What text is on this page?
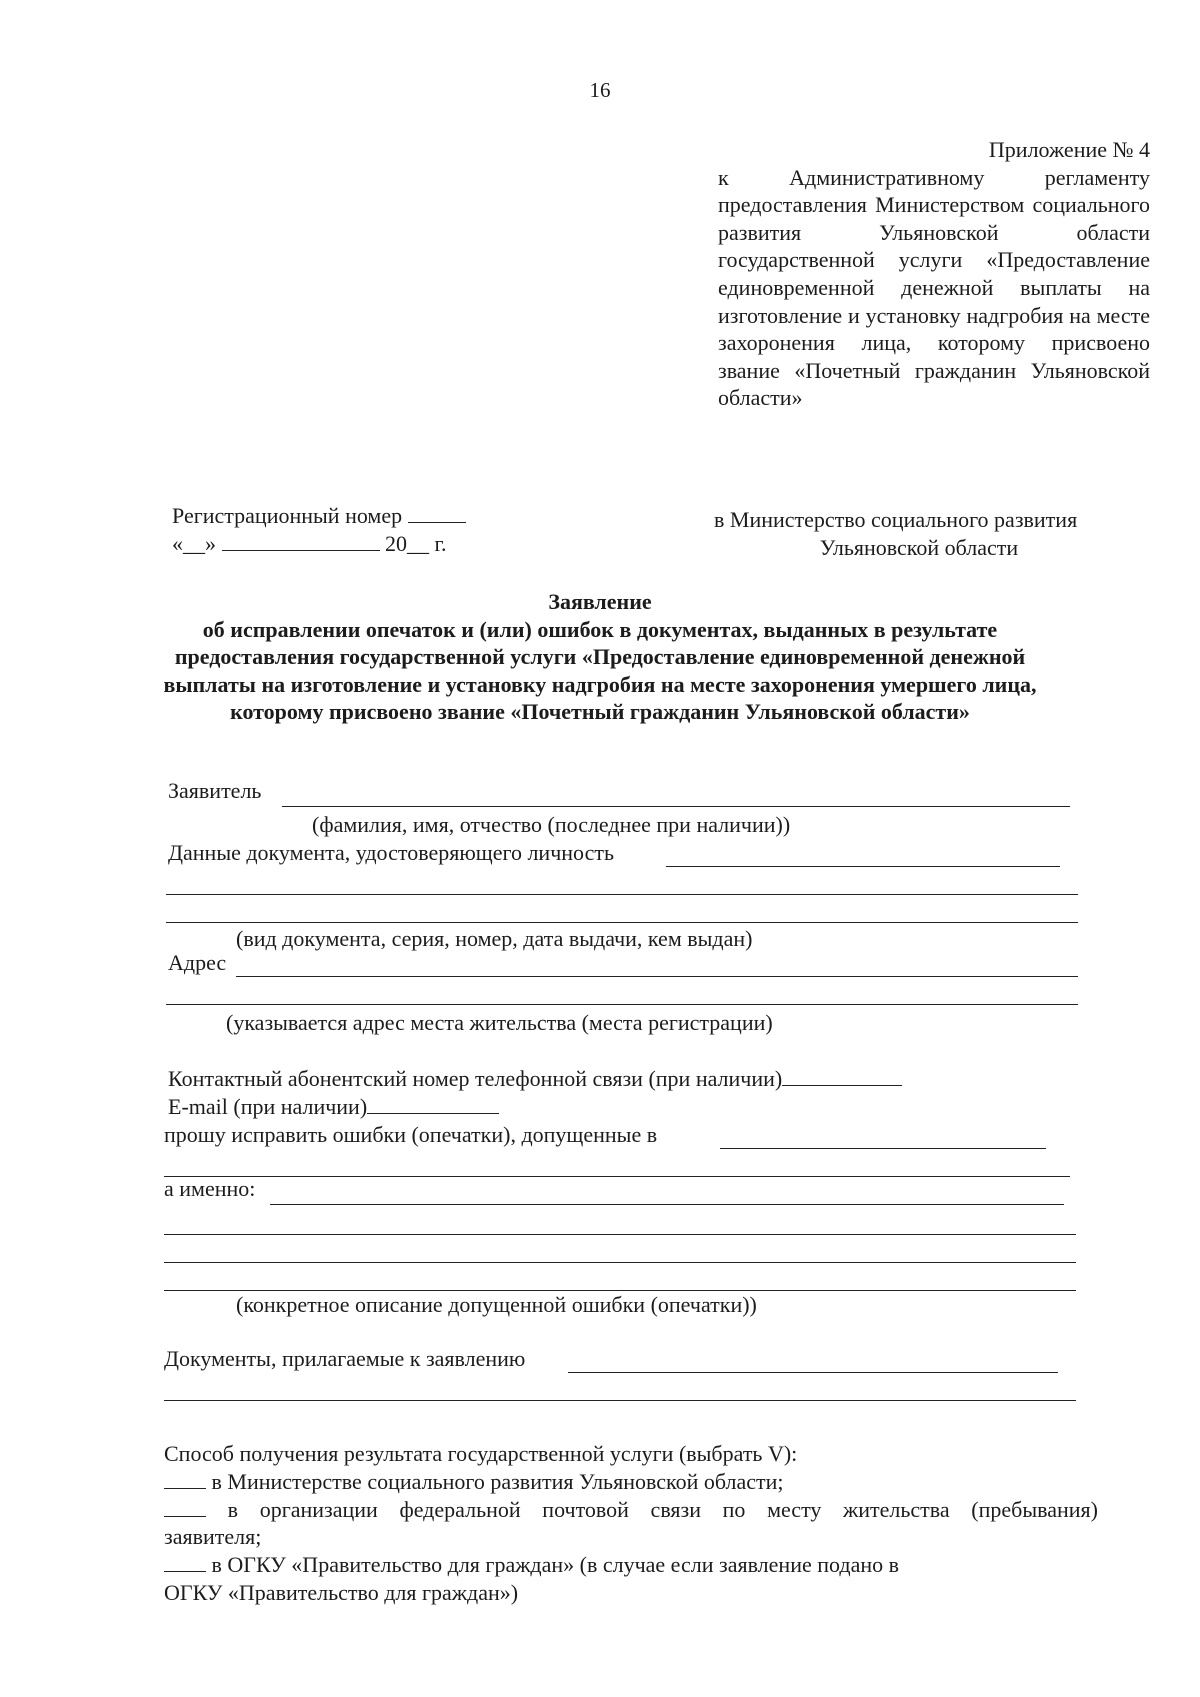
16
Приложение № 4
к Административному регламенту предоставления Министерством социального развития Ульяновской области государственной услуги «Предоставление единовременной денежной выплаты на изготовление и установку надгробия на месте захоронения лица, которому присвоено звание «Почетный гражданин Ульяновской области»
Регистрационный номер
«__»	20__ г.
в Министерство социального развития
Ульяновской области
Заявление
об исправлении опечаток и (или) ошибок в документах, выданных в результате предоставления государственной услуги «Предоставление единовременной денежной выплаты на изготовление и установку надгробия на месте захоронения умершего лица, которому присвоено звание «Почетный гражданин Ульяновской области»
Заявитель
(фамилия, имя, отчество (последнее при наличии))
Данные документа, удостоверяющего личность
(вид документа, серия, номер, дата выдачи, кем выдан)
Адрес
(указывается адрес места жительства (места регистрации)
Контактный абонентский номер телефонной связи (при наличии)
E-mail (при наличии)
прошу исправить ошибки (опечатки), допущенные в
а именно:
(конкретное описание допущенной ошибки (опечатки))
Документы, прилагаемые к заявлению
Способ получения результата государственной услуги (выбрать V):
в Министерстве социального развития Ульяновской области;
в организации федеральной почтовой связи по месту жительства (пребывания)
заявителя;
в ОГКУ «Правительство для граждан» (в случае если заявление подано в
ОГКУ «Правительство для граждан»)
